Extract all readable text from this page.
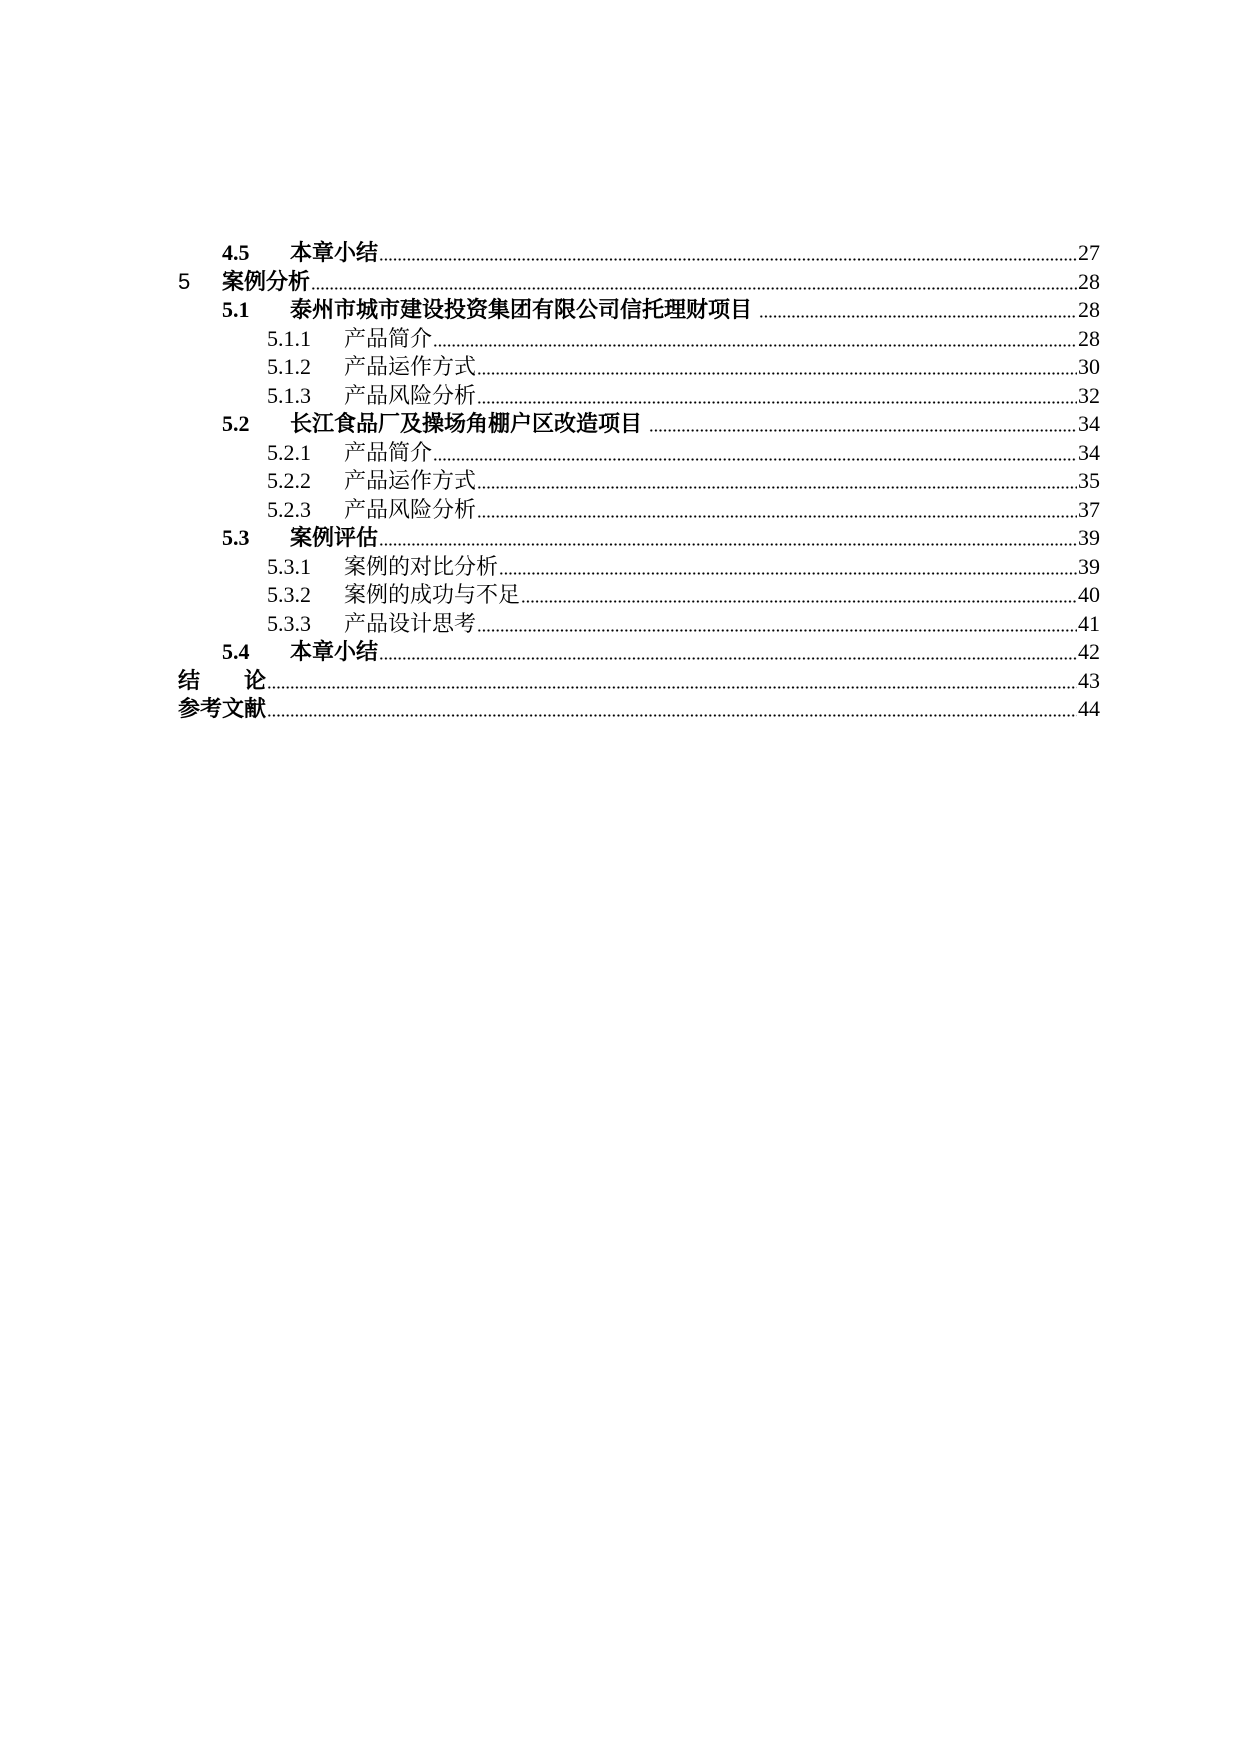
4.5	本章小结	27
5	案例分析	28
5.1	泰州市城市建设投资集团有限公司信托理财项目	28
5.1.1	产品简介	28
5.1.2	产品运作方式	30
5.1.3	产品风险分析	32
5.2	长江食品厂及操场角棚户区改造项目	34
5.2.1	产品简介	34
5.2.2	产品运作方式	35
5.2.3	产品风险分析	37
5.3	案例评估	39
5.3.1	案例的对比分析	39
5.3.2	案例的成功与不足	40
5.3.3	产品设计思考	41
5.4	本章小结	42
结　　论	43
参考文献	44
